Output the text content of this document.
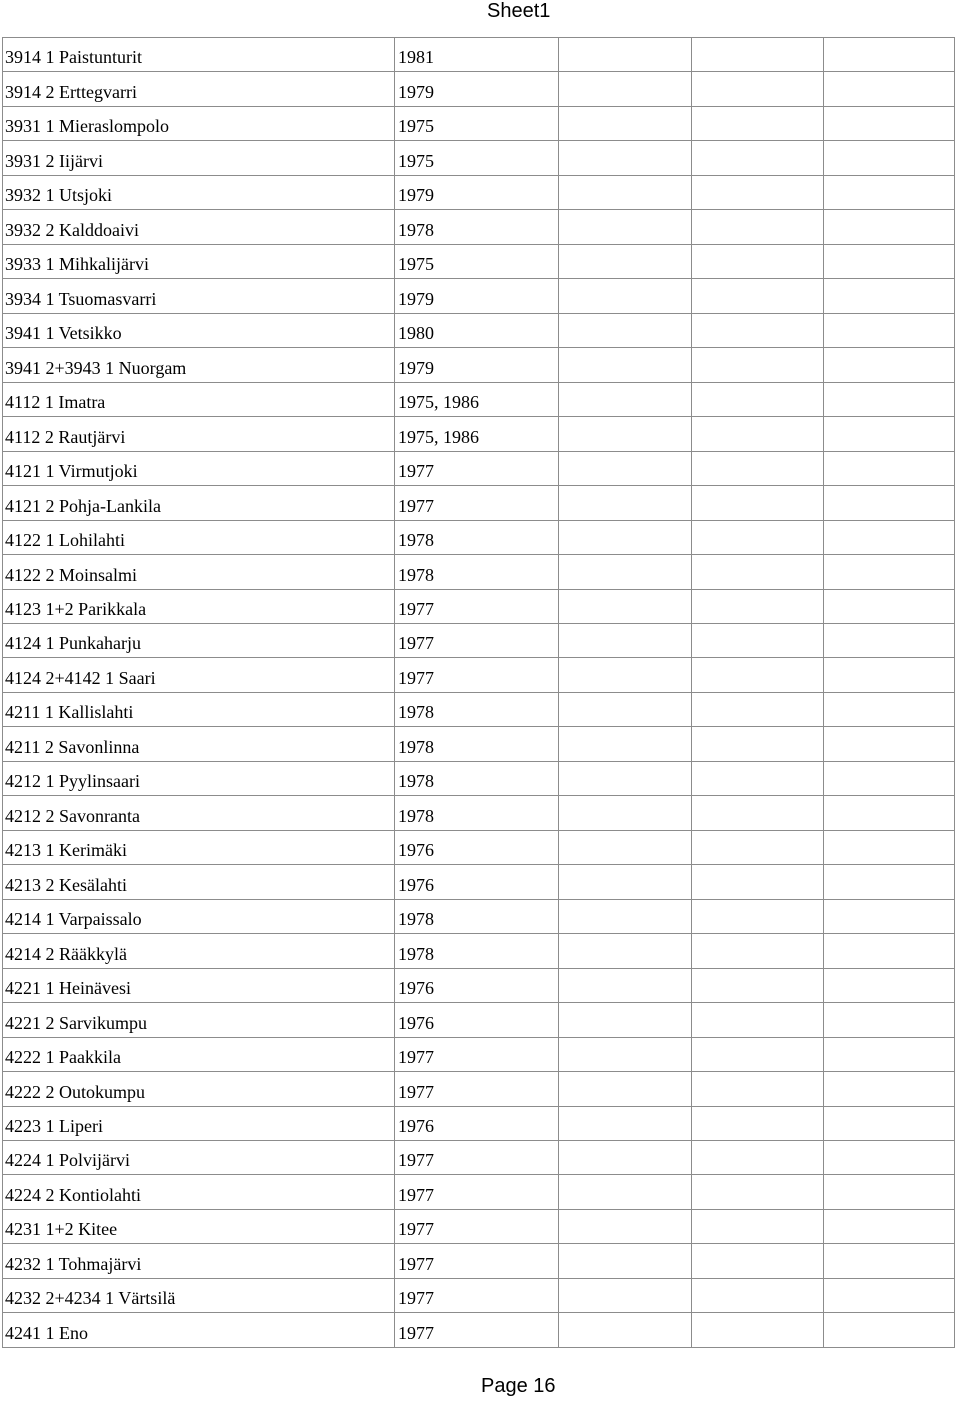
Sheet1
3914 1 Paistunturit	1981			
3914 2 Erttegvarri	1979			
3931 1 Mieraslompolo	1975			
3931 2 Iijärvi	1975			
3932 1 Utsjoki	1979			
3932 2 Kalddoaivi	1978			
3933 1 Mihkalijärvi	1975			
3934 1 Tsuomasvarri	1979			
3941 1 Vetsikko	1980			
3941 2+3943 1 Nuorgam	1979			
4112 1 Imatra	1975, 1986			
4112 2 Rautjärvi	1975, 1986			
4121 1 Virmutjoki	1977			
4121 2 Pohja-Lankila	1977			
4122 1 Lohilahti	1978			
4122 2 Moinsalmi	1978			
4123 1+2 Parikkala	1977			
4124 1 Punkaharju	1977			
4124 2+4142 1 Saari	1977			
4211 1 Kallislahti	1978			
4211 2 Savonlinna	1978			
4212 1 Pyylinsaari	1978			
4212 2 Savonranta	1978			
4213 1 Kerimäki	1976			
4213 2 Kesälahti	1976			
4214 1 Varpaissalo	1978			
4214 2 Rääkkylä	1978			
4221 1 Heinävesi	1976			
4221 2 Sarvikumpu	1976			
4222 1 Paakkila	1977			
4222 2 Outokumpu	1977			
4223 1 Liperi	1976			
4224 1 Polvijärvi	1977			
4224 2 Kontiolahti	1977			
4231 1+2 Kitee	1977			
4232 1 Tohmajärvi	1977			
4232 2+4234 1 Värtsilä	1977			
4241 1 Eno	1977			
Page 16
